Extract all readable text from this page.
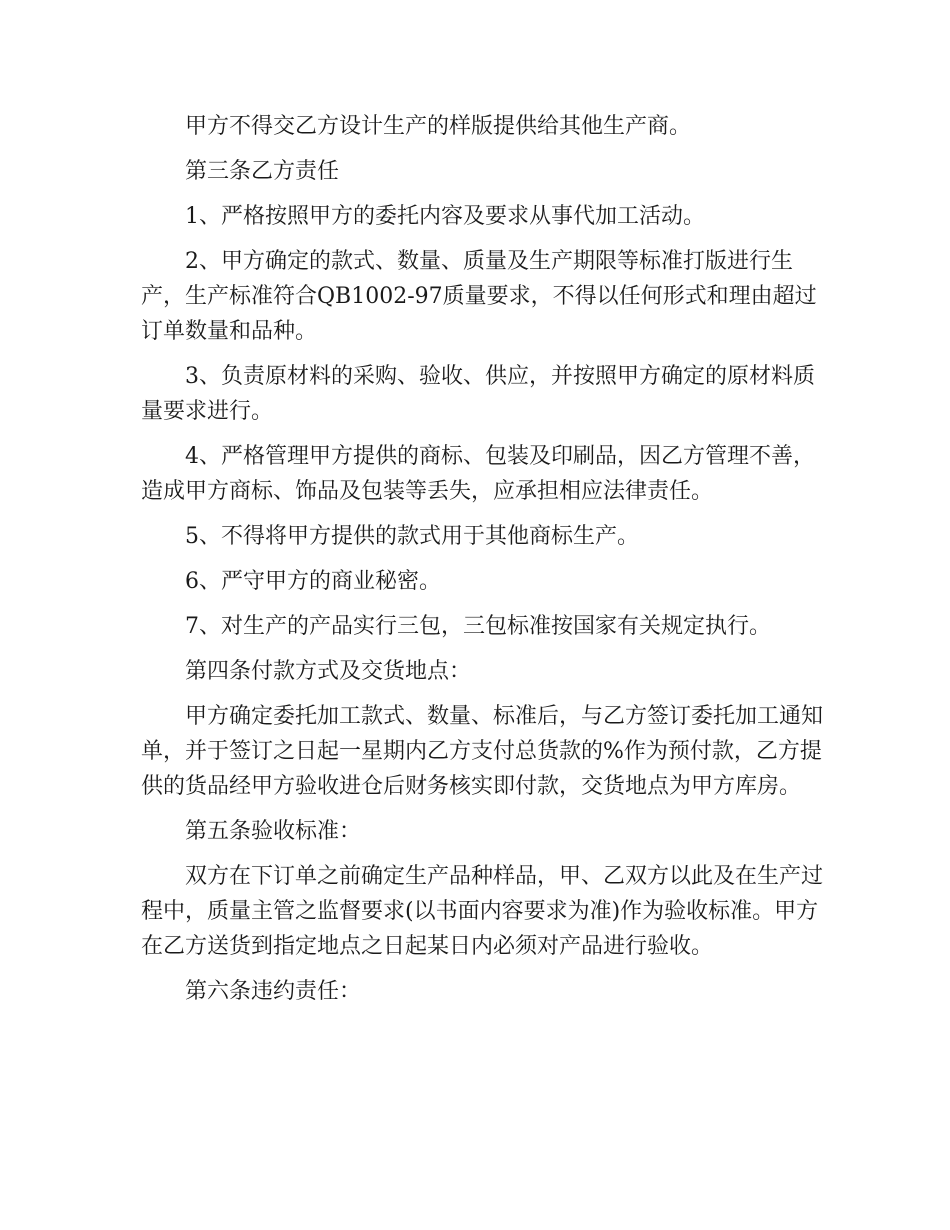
甲方不得交乙方设计生产的样版提供给其他生产商。

第三条乙方责任

1、严格按照甲方的委托内容及要求从事代加工活动。

2、甲方确定的款式、数量、质量及生产期限等标准打版进行生产，生产标准符合QB1002-97质量要求，不得以任何形式和理由超过订单数量和品种。

3、负责原材料的采购、验收、供应，并按照甲方确定的原材料质量要求进行。

4、严格管理甲方提供的商标、包装及印刷品，因乙方管理不善，造成甲方商标、饰品及包装等丢失，应承担相应法律责任。

5、不得将甲方提供的款式用于其他商标生产。

6、严守甲方的商业秘密。

7、对生产的产品实行三包，三包标准按国家有关规定执行。

第四条付款方式及交货地点：

甲方确定委托加工款式、数量、标准后，与乙方签订委托加工通知单，并于签订之日起一星期内乙方支付总货款的%作为预付款，乙方提供的货品经甲方验收进仓后财务核实即付款，交货地点为甲方库房。

第五条验收标准：

双方在下订单之前确定生产品种样品，甲、乙双方以此及在生产过程中，质量主管之监督要求(以书面内容要求为准)作为验收标准。甲方在乙方送货到指定地点之日起某日内必须对产品进行验收。

第六条违约责任：
